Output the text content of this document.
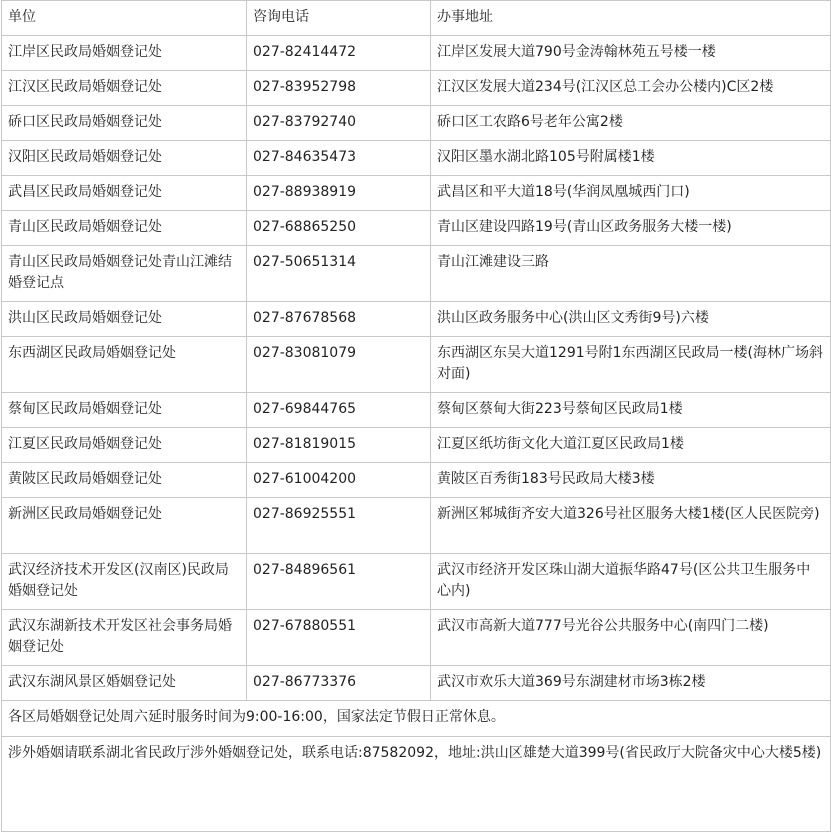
单位	咨询电话	办事地址
江岸区民政局婚姻登记处	027-82414472	江岸区发展大道790号金涛翰林苑五号楼一楼
江汉区民政局婚姻登记处	027-83952798	江汉区发展大道234号(江汉区总工会办公楼内)C区2楼
硚口区民政局婚姻登记处	027-83792740	硚口区工农路6号老年公寓2楼
汉阳区民政局婚姻登记处	027-84635473	汉阳区墨水湖北路105号附属楼1楼
武昌区民政局婚姻登记处	027-88938919	武昌区和平大道18号(华润凤凰城西门口)
青山区民政局婚姻登记处	027-68865250	青山区建设四路19号(青山区政务服务大楼一楼)
青山区民政局婚姻登记处青山江滩结婚登记点	027-50651314	青山江滩建设三路
洪山区民政局婚姻登记处	027-87678568	洪山区政务服务中心(洪山区文秀街9号)六楼
东西湖区民政局婚姻登记处	027-83081079	东西湖区东吴大道1291号附1东西湖区民政局一楼(海林广场斜对面)
蔡甸区民政局婚姻登记处	027-69844765	蔡甸区蔡甸大街223号蔡甸区民政局1楼
江夏区民政局婚姻登记处	027-81819015	江夏区纸坊街文化大道江夏区民政局1楼
黄陂区民政局婚姻登记处	027-61004200	黄陂区百秀街183号民政局大楼3楼
新洲区民政局婚姻登记处	027-86925551	新洲区邾城街齐安大道326号社区服务大楼1楼(区人民医院旁)
武汉经济技术开发区(汉南区)民政局婚姻登记处	027-84896561	武汉市经济开发区珠山湖大道振华路47号(区公共卫生服务中心内)
武汉东湖新技术开发区社会事务局婚姻登记处	027-67880551	武汉市高新大道777号光谷公共服务中心(南四门二楼)
武汉东湖风景区婚姻登记处	027-86773376	武汉市欢乐大道369号东湖建材市场3栋2楼
各区局婚姻登记处周六延时服务时间为9:00-16:00，国家法定节假日正常休息。		
涉外婚姻请联系湖北省民政厅涉外婚姻登记处，联系电话:87582092，地址:洪山区雄楚大道399号(省民政厅大院备灾中心大楼5楼)		
